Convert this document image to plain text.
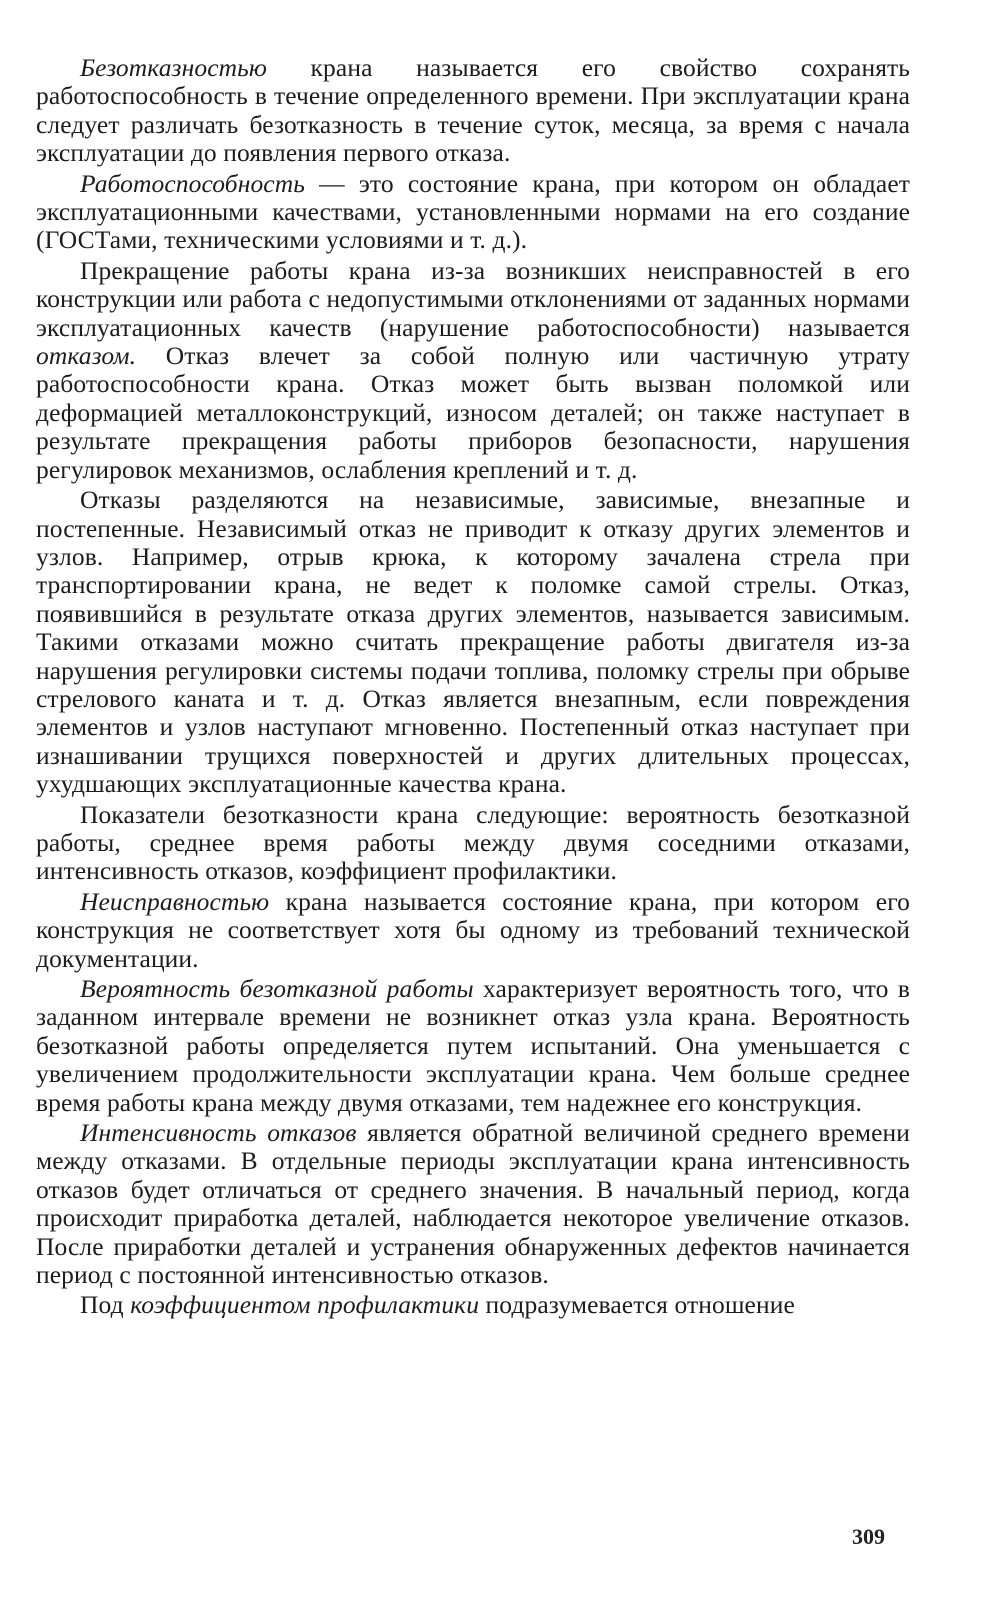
Безотказностью крана называется его свойство сохранять работоспособность в течение определенного времени. При эксплуатации крана следует различать безотказность в течение суток, месяца, за время с начала эксплуатации до появления первого отказа.

Работоспособность — это состояние крана, при котором он обладает эксплуатационными качествами, установленными нормами на его создание (ГОСТами, техническими условиями и т. д.).

Прекращение работы крана из-за возникших неисправностей в его конструкции или работа с недопустимыми отклонениями от заданных нормами эксплуатационных качеств (нарушение работоспособности) называется отказом. Отказ влечет за собой полную или частичную утрату работоспособности крана. Отказ может быть вызван поломкой или деформацией металлоконструкций, износом деталей; он также наступает в результате прекращения работы приборов безопасности, нарушения регулировок механизмов, ослабления креплений и т. д.

Отказы разделяются на независимые, зависимые, внезапные и постепенные. Независимый отказ не приводит к отказу других элементов и узлов. Например, отрыв крюка, к которому зачалена стрела при транспортировании крана, не ведет к поломке самой стрелы. Отказ, появившийся в результате отказа других элементов, называется зависимым. Такими отказами можно считать прекращение работы двигателя из-за нарушения регулировки системы подачи топлива, поломку стрелы при обрыве стрелового каната и т. д. Отказ является внезапным, если повреждения элементов и узлов наступают мгновенно. Постепенный отказ наступает при изнашивании трущихся поверхностей и других длительных процессах, ухудшающих эксплуатационные качества крана.

Показатели безотказности крана следующие: вероятность безотказной работы, среднее время работы между двумя соседними отказами, интенсивность отказов, коэффициент профилактики.

Неисправностью крана называется состояние крана, при котором его конструкция не соответствует хотя бы одному из требований технической документации.

Вероятность безотказной работы характеризует вероятность того, что в заданном интервале времени не возникнет отказ узла крана. Вероятность безотказной работы определяется путем испытаний. Она уменьшается с увеличением продолжительности эксплуатации крана. Чем больше среднее время работы крана между двумя отказами, тем надежнее его конструкция.

Интенсивность отказов является обратной величиной среднего времени между отказами. В отдельные периоды эксплуатации крана интенсивность отказов будет отличаться от среднего значения. В начальный период, когда происходит приработка деталей, наблюдается некоторое увеличение отказов. После приработки деталей и устранения обнаруженных дефектов начинается период с постоянной интенсивностью отказов.

Под коэффициентом профилактики подразумевается отношение

309
